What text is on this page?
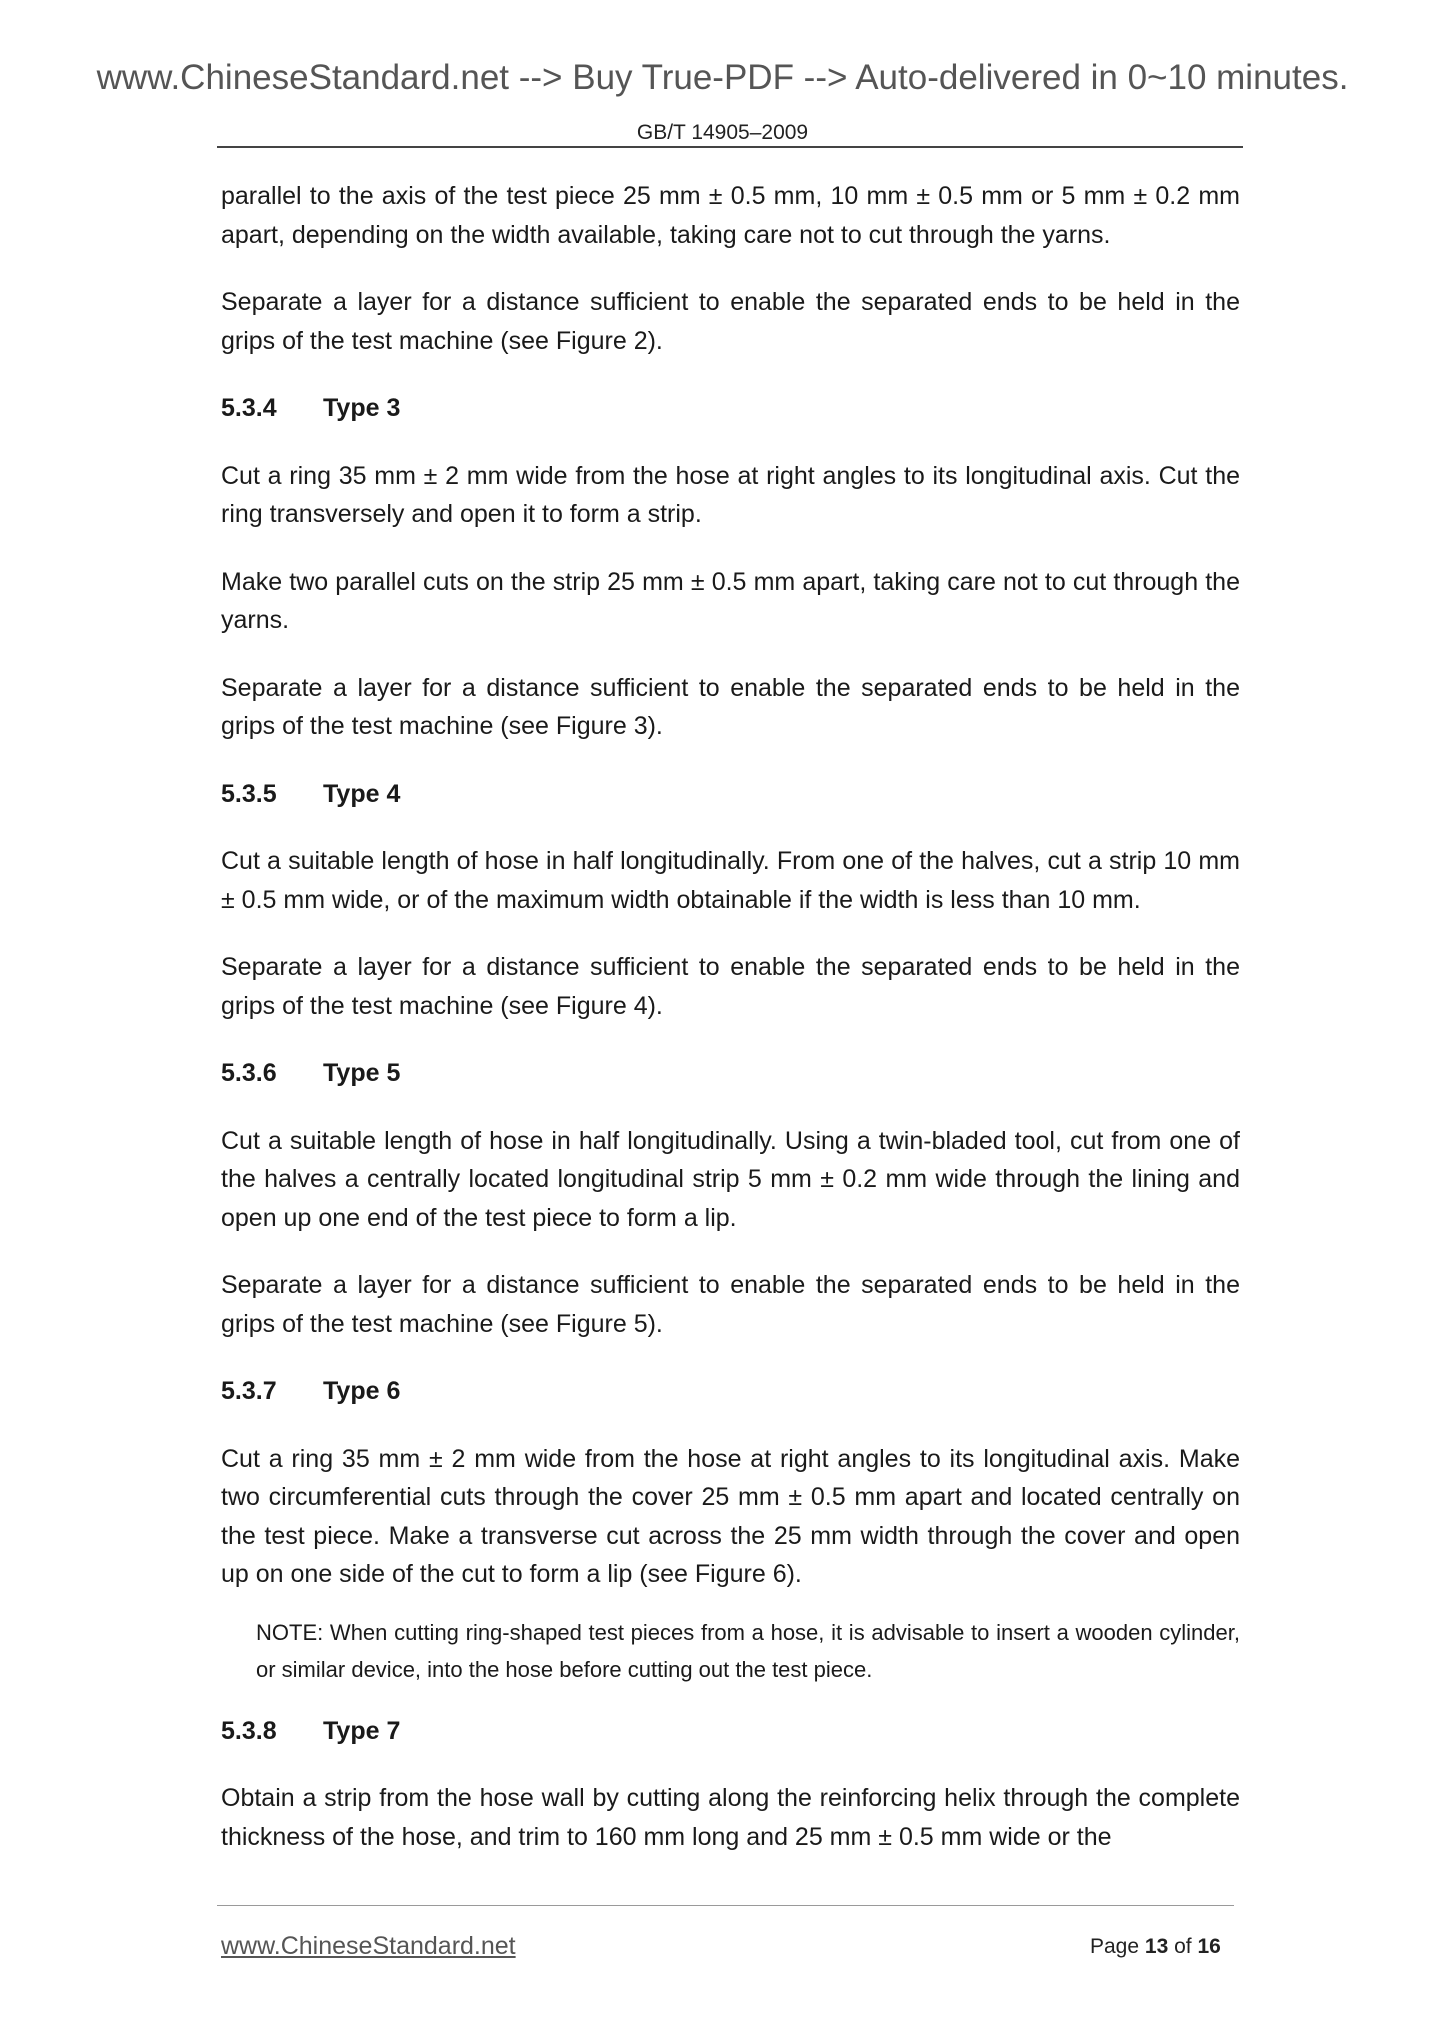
www.ChineseStandard.net --> Buy True-PDF --> Auto-delivered in 0~10 minutes.
GB/T 14905–2009

parallel to the axis of the test piece 25 mm ± 0.5 mm, 10 mm ± 0.5 mm or 5 mm ± 0.2 mm apart, depending on the width available, taking care not to cut through the yarns.

Separate a layer for a distance sufficient to enable the separated ends to be held in the grips of the test machine (see Figure 2).

5.3.4	Type 3

Cut a ring 35 mm ± 2 mm wide from the hose at right angles to its longitudinal axis. Cut the ring transversely and open it to form a strip.

Make two parallel cuts on the strip 25 mm ± 0.5 mm apart, taking care not to cut through the yarns.

Separate a layer for a distance sufficient to enable the separated ends to be held in the grips of the test machine (see Figure 3).

5.3.5	Type 4

Cut a suitable length of hose in half longitudinally. From one of the halves, cut a strip 10 mm ± 0.5 mm wide, or of the maximum width obtainable if the width is less than 10 mm.

Separate a layer for a distance sufficient to enable the separated ends to be held in the grips of the test machine (see Figure 4).

5.3.6	Type 5

Cut a suitable length of hose in half longitudinally. Using a twin-bladed tool, cut from one of the halves a centrally located longitudinal strip 5 mm ± 0.2 mm wide through the lining and open up one end of the test piece to form a lip.

Separate a layer for a distance sufficient to enable the separated ends to be held in the grips of the test machine (see Figure 5).

5.3.7	Type 6

Cut a ring 35 mm ± 2 mm wide from the hose at right angles to its longitudinal axis. Make two circumferential cuts through the cover 25 mm ± 0.5 mm apart and located centrally on the test piece. Make a transverse cut across the 25 mm width through the cover and open up on one side of the cut to form a lip (see Figure 6).

NOTE: When cutting ring-shaped test pieces from a hose, it is advisable to insert a wooden cylinder, or similar device, into the hose before cutting out the test piece.

5.3.8	Type 7

Obtain a strip from the hose wall by cutting along the reinforcing helix through the complete thickness of the hose, and trim to 160 mm long and 25 mm ± 0.5 mm wide or the

www.ChineseStandard.net	Page 13 of 16
